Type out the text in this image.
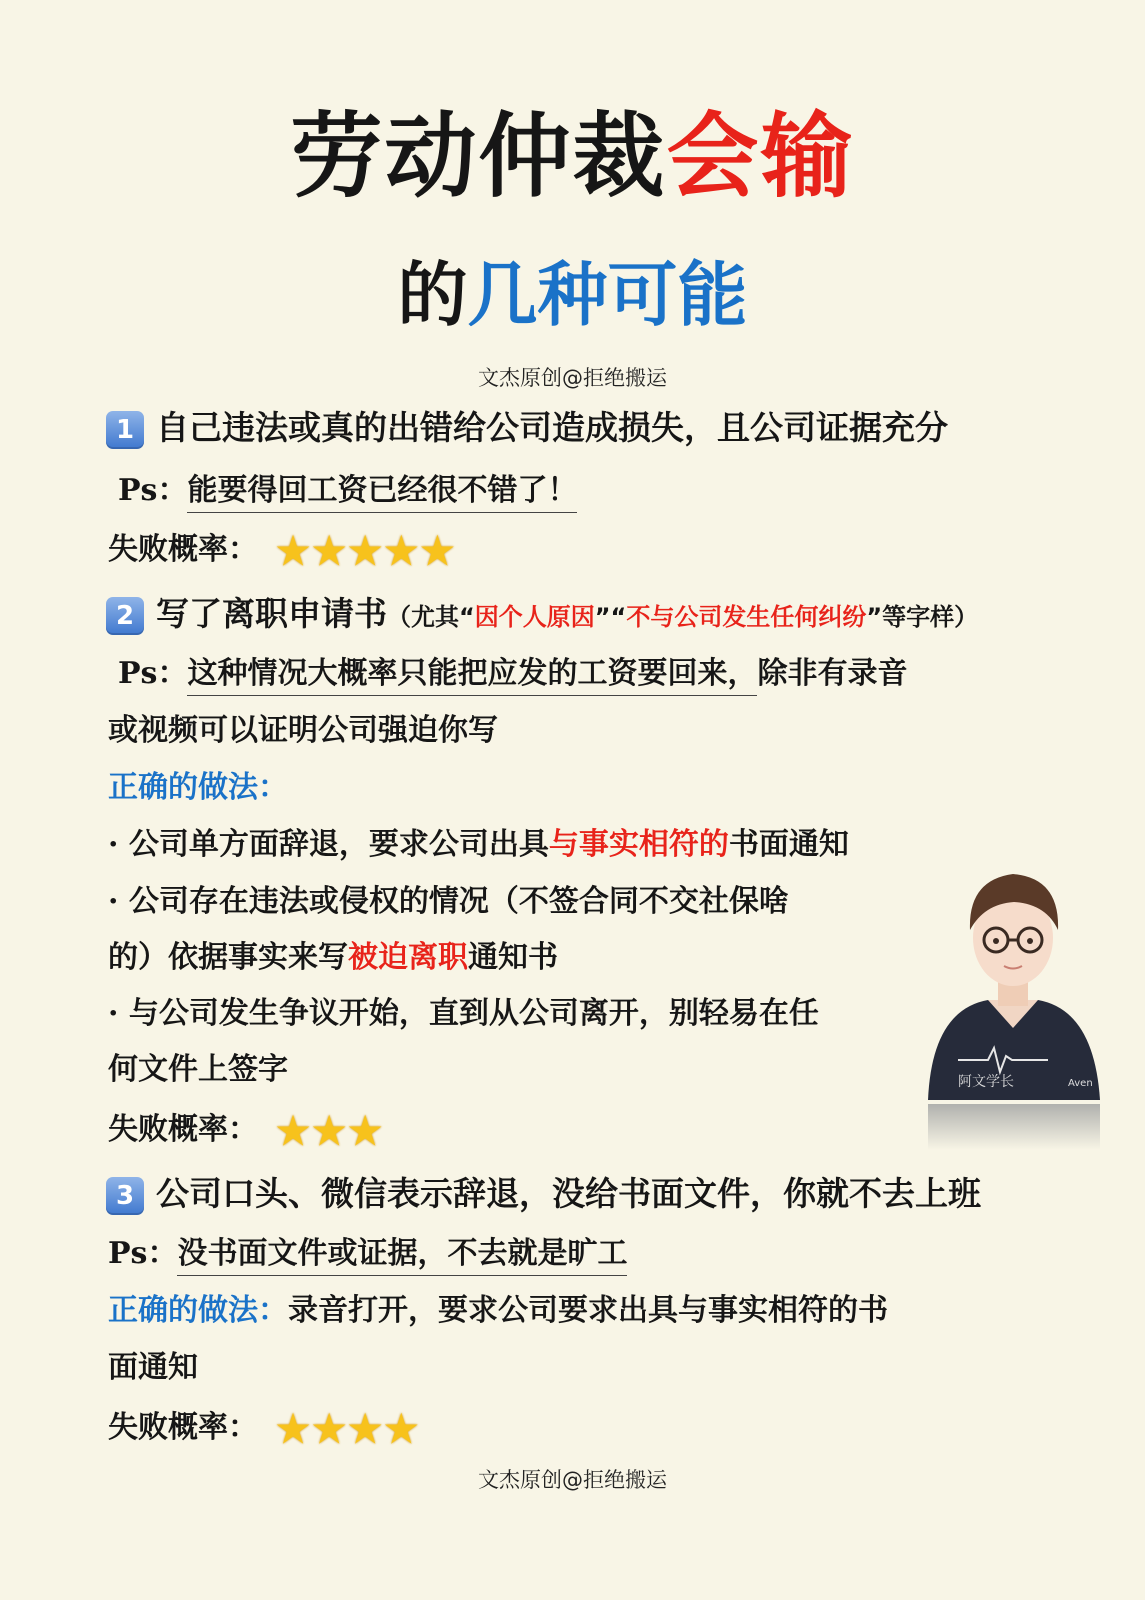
劳动仲裁会输
的几种可能
文杰原创@拒绝搬运
1 自己违法或真的出错给公司造成损失，且公司证据充分
Ps：能要得回工资已经很不错了！
失败概率： ★★★★★
2 写了离职申请书（尤其“因个人原因”“不与公司发生任何纠纷”等字样）
Ps：这种情况大概率只能把应发的工资要回来，除非有录音
或视频可以证明公司强迫你写
正确的做法：
· 公司单方面辞退，要求公司出具与事实相符的书面通知
· 公司存在违法或侵权的情况（不签合同不交社保啥
的）依据事实来写被迫离职通知书
· 与公司发生争议开始，直到从公司离开，别轻易在任
何文件上签字
失败概率： ★★★
3 公司口头、微信表示辞退，没给书面文件，你就不去上班
Ps：没书面文件或证据，不去就是旷工
正确的做法：录音打开，要求公司要求出具与事实相符的书
面通知
失败概率： ★★★★
文杰原创@拒绝搬运
阿文学长	Aven
